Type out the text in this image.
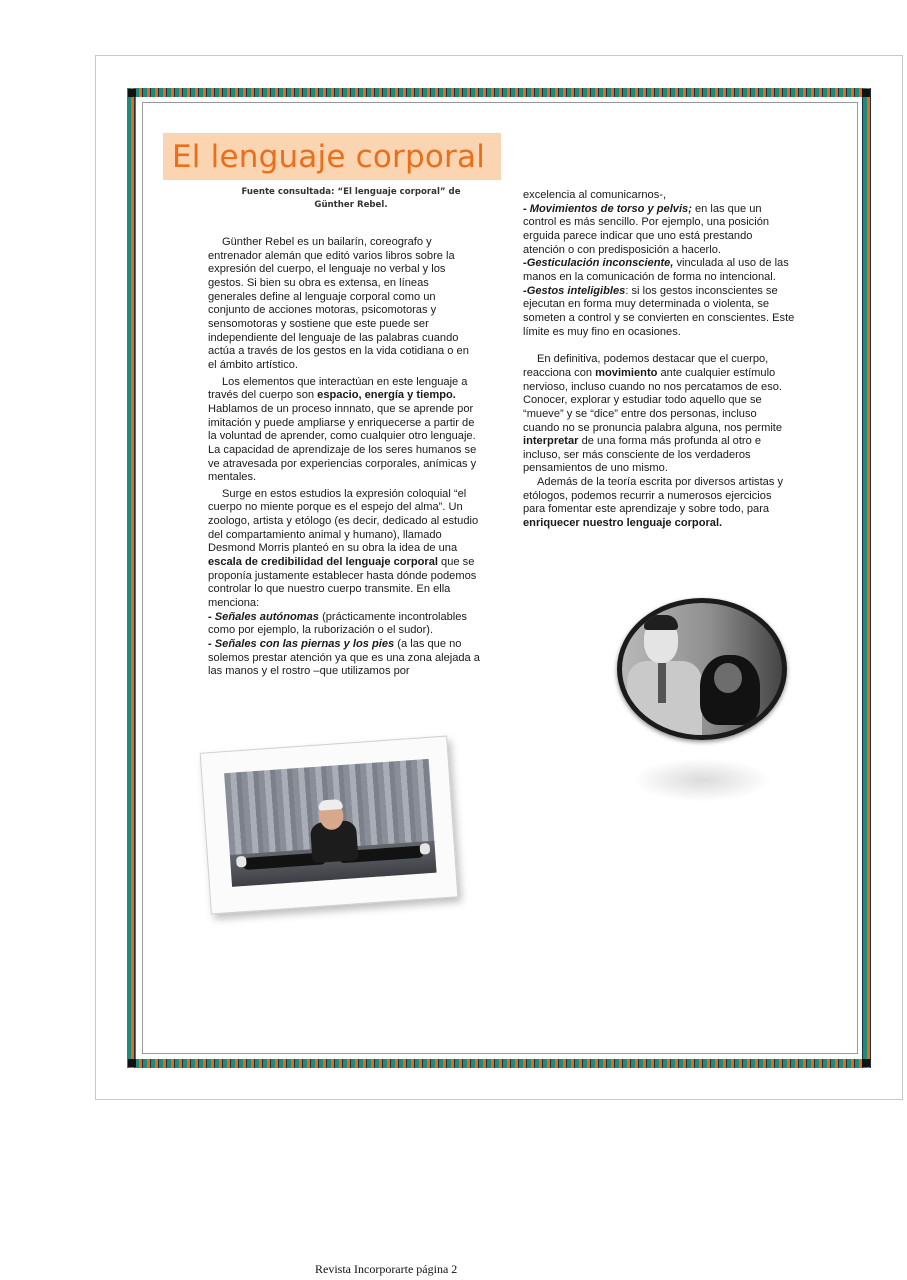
El lenguaje corporal

Fuente consultada: “El lenguaje corporal” de Günther Rebel.

Günther Rebel es un bailarín, coreografo y entrenador alemán que editó varios libros sobre la expresión del cuerpo, el lenguaje no verbal y los gestos. Si bien su obra es extensa, en líneas generales define al lenguaje corporal como un conjunto de acciones motoras, psicomotoras y sensomotoras y sostiene que este puede ser independiente del lenguaje de las palabras cuando actúa a través de los gestos en la vida cotidiana o en el ámbito artístico.

Los elementos que interactúan en este lenguaje a través del cuerpo son espacio, energía y tiempo. Hablamos de un proceso innnato, que se aprende por imitación y puede ampliarse y enriquecerse a partir de la voluntad de aprender, como cualquier otro lenguaje. La capacidad de aprendizaje de los seres humanos se ve atravesada por experiencias corporales, anímicas y mentales.

Surge en estos estudios la expresión coloquial “el cuerpo no miente porque es el espejo del alma”. Un zoologo, artista y etólogo (es decir, dedicado al estudio del compartamiento animal y humano), llamado Desmond Morris planteó en su obra la idea de una escala de credibilidad del lenguaje corporal que se proponía justamente establecer hasta dónde podemos controlar lo que nuestro cuerpo transmite. En ella menciona:

- Señales autónomas (prácticamente incontrolables como por ejemplo, la ruborización o el sudor).

- Señales con las piernas y los pies (a las que no solemos prestar atención ya que es una zona alejada a las manos y el rostro –que utilizamos por

excelencia al comunicarnos-,

- Movimientos de torso y pelvis; en las que un control es más sencillo. Por ejemplo, una posición erguida parece indicar que uno está prestando atención o con predisposición a hacerlo.

-Gesticulación inconsciente, vinculada al uso de las manos en la comunicación de forma no intencional.

-Gestos inteligibles: si los gestos inconscientes se ejecutan en forma muy determinada o violenta, se someten a control y se convierten en conscientes. Este límite es muy fino en ocasiones.

En definitiva, podemos destacar que el cuerpo, reacciona con movimiento ante cualquier estímulo nervioso, incluso cuando no nos percatamos de eso. Conocer, explorar y estudiar todo aquello que se “mueve” y se “dice” entre dos personas, incluso cuando no se pronuncia palabra alguna, nos permite interpretar de una forma más profunda al otro e incluso, ser más consciente de los verdaderos pensamientos de uno mismo.

Además de la teoría escrita por diversos artistas y etólogos, podemos recurrir a numerosos ejercicios para fomentar este aprendizaje y sobre todo, para enriquecer nuestro lenguaje corporal.

Revista Incorporarte página 2
